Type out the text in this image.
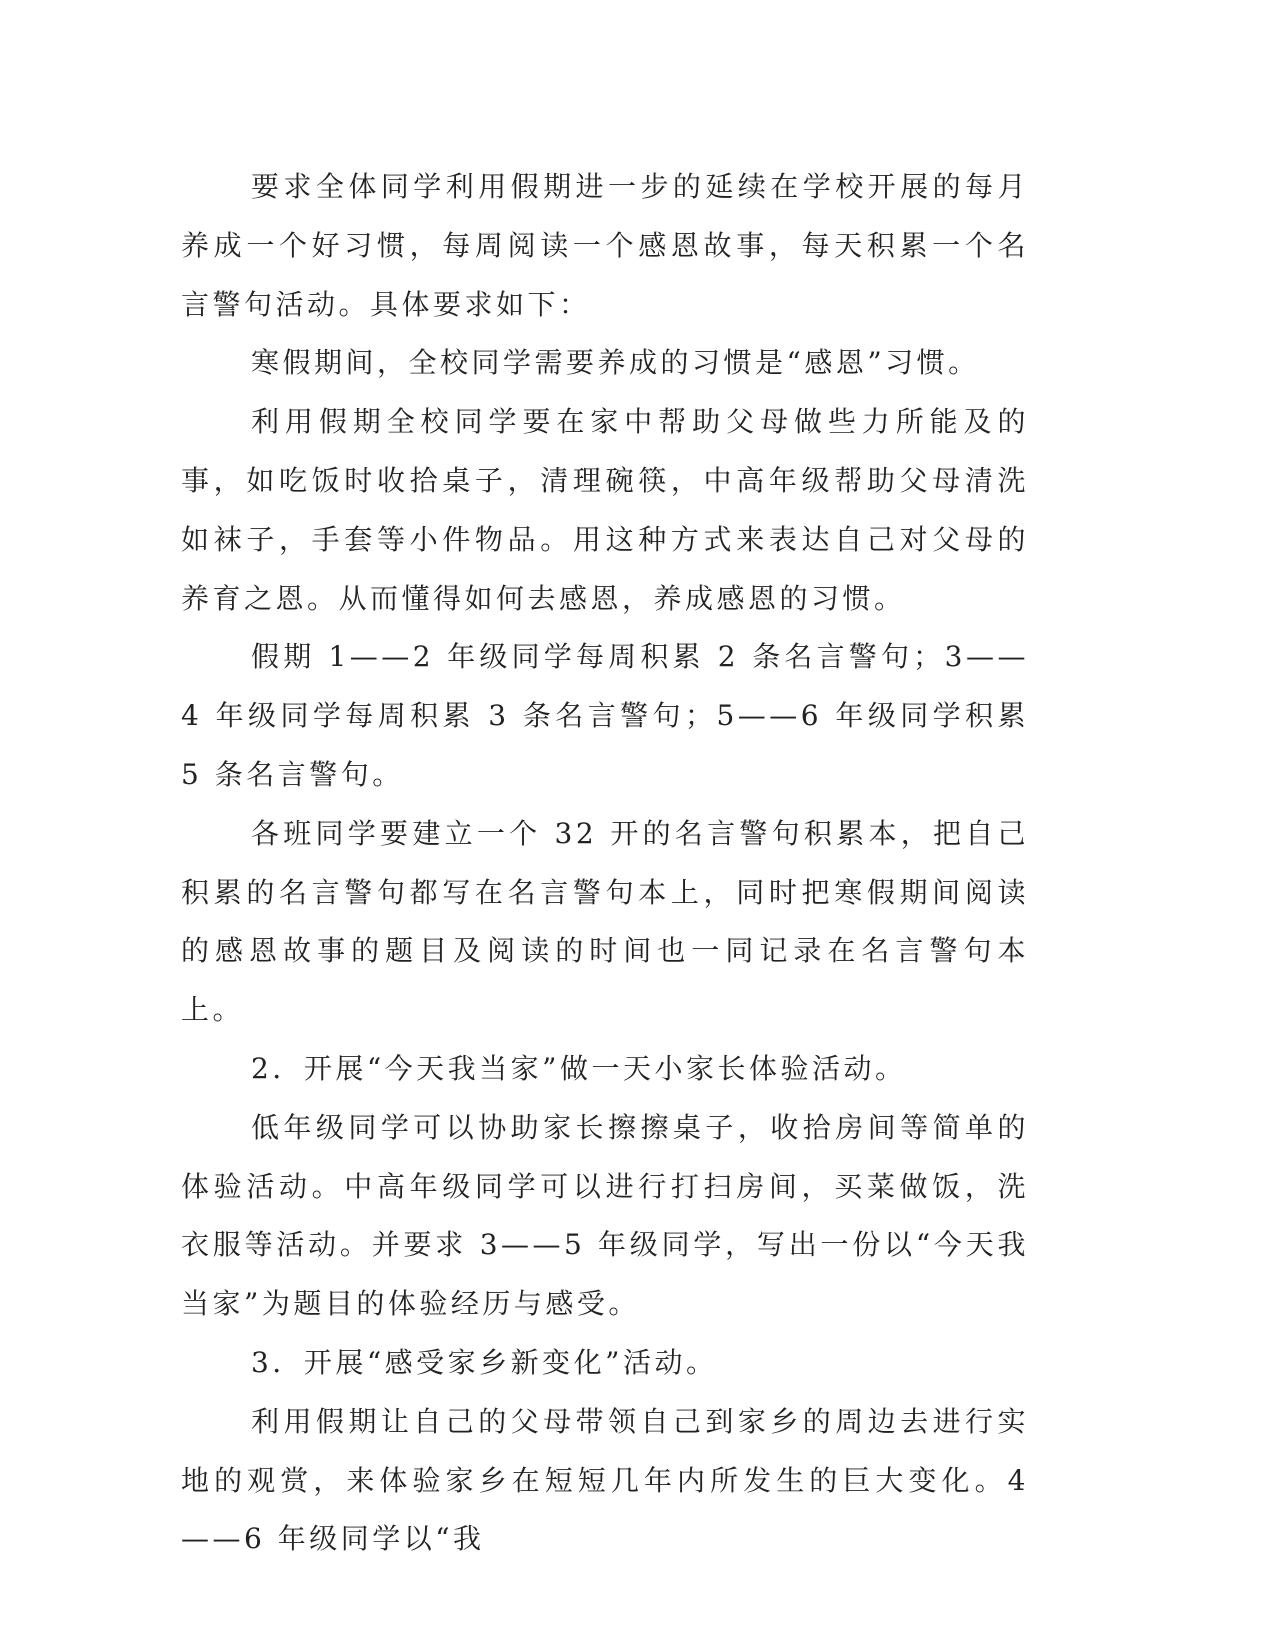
要求全体同学利用假期进一步的延续在学校开展的每月养成一个好习惯，每周阅读一个感恩故事，每天积累一个名言警句活动。具体要求如下：

寒假期间，全校同学需要养成的习惯是“感恩”习惯。

利用假期全校同学要在家中帮助父母做些力所能及的事，如吃饭时收拾桌子，清理碗筷，中高年级帮助父母清洗如袜子，手套等小件物品。用这种方式来表达自己对父母的养育之恩。从而懂得如何去感恩，养成感恩的习惯。

假期 1——2 年级同学每周积累 2 条名言警句；3——4 年级同学每周积累 3 条名言警句；5——6 年级同学积累 5 条名言警句。

各班同学要建立一个 32 开的名言警句积累本，把自己积累的名言警句都写在名言警句本上，同时把寒假期间阅读的感恩故事的题目及阅读的时间也一同记录在名言警句本上。

2．开展“今天我当家”做一天小家长体验活动。

低年级同学可以协助家长擦擦桌子，收拾房间等简单的体验活动。中高年级同学可以进行打扫房间，买菜做饭，洗衣服等活动。并要求 3——5 年级同学，写出一份以“今天我当家”为题目的体验经历与感受。

3．开展“感受家乡新变化”活动。

利用假期让自己的父母带领自己到家乡的周边去进行实地的观赏，来体验家乡在短短几年内所发生的巨大变化。4——6 年级同学以“我
